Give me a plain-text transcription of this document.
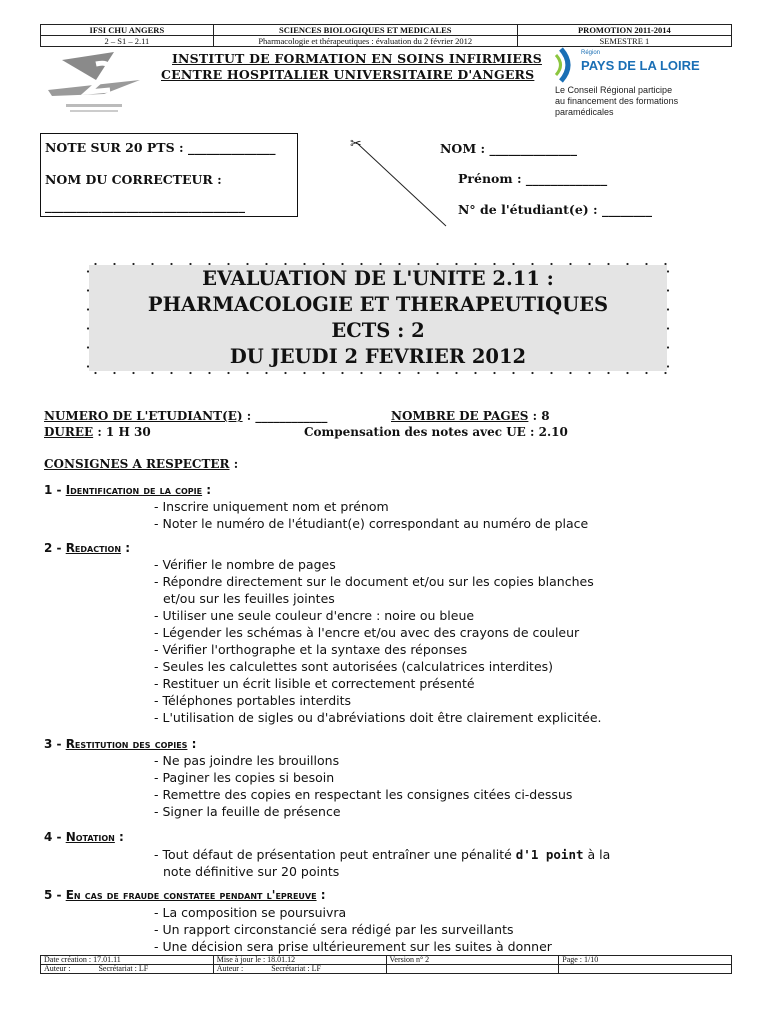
IFSI CHU ANGERS	SCIENCES BIOLOGIQUES ET MEDICALES	PROMOTION 2011-2014
2 – S1 – 2.11	Pharmacologie et thérapeutiques : évaluation du 2 février 2012	SEMESTRE 1
INSTITUT DE FORMATION EN SOINS INFIRMIERS
CENTRE HOSPITALIER UNIVERSITAIRE D'ANGERS
Région
PAYS DE LA LOIRE
Le Conseil Régional participe
au financement des formations
paramédicales
NOTE SUR 20 PTS : ______________
NOM DU CORRECTEUR :
________________________________
✂	NOM : ______________
Prénom : _____________
N° de l'étudiant(e) : ________
EVALUATION DE L'UNITE 2.11 :
PHARMACOLOGIE ET THERAPEUTIQUES
ECTS : 2
DU JEUDI 2 FEVRIER 2012
NUMERO DE L'ETUDIANT(E) : ____________	NOMBRE DE PAGES : 8
DUREE : 1 H 30	Compensation des notes avec UE : 2.10
CONSIGNES A RESPECTER :
1 - Identification de la copie :
- Inscrire uniquement nom et prénom
- Noter le numéro de l'étudiant(e) correspondant au numéro de place
2 - Redaction :
- Vérifier le nombre de pages
- Répondre directement sur le document et/ou sur les copies blanches
et/ou sur les feuilles jointes
- Utiliser une seule couleur d'encre : noire ou bleue
- Légender les schémas à l'encre et/ou avec des crayons de couleur
- Vérifier l'orthographe et la syntaxe des réponses
- Seules les calculettes sont autorisées (calculatrices interdites)
- Restituer un écrit lisible et correctement présenté
- Téléphones portables interdits
- L'utilisation de sigles ou d'abréviations doit être clairement explicitée.
3 - Restitution des copies :
- Ne pas joindre les brouillons
- Paginer les copies si besoin
- Remettre des copies en respectant les consignes citées ci-dessus
- Signer la feuille de présence
4 - Notation :
- Tout défaut de présentation peut entraîner une pénalité d'1 point à la
note définitive sur 20 points
5 - En cas de fraude constatee pendant l'epreuve :
- La composition se poursuivra
- Un rapport circonstancié sera rédigé par les surveillants
- Une décision sera prise ultérieurement sur les suites à donner
Date création : 17.01.11	Mise à jour le : 18.01.12	Version n° 2	Page : 1/10
Auteur : Secrétariat : LF	Auteur : Secrétariat : LF		
